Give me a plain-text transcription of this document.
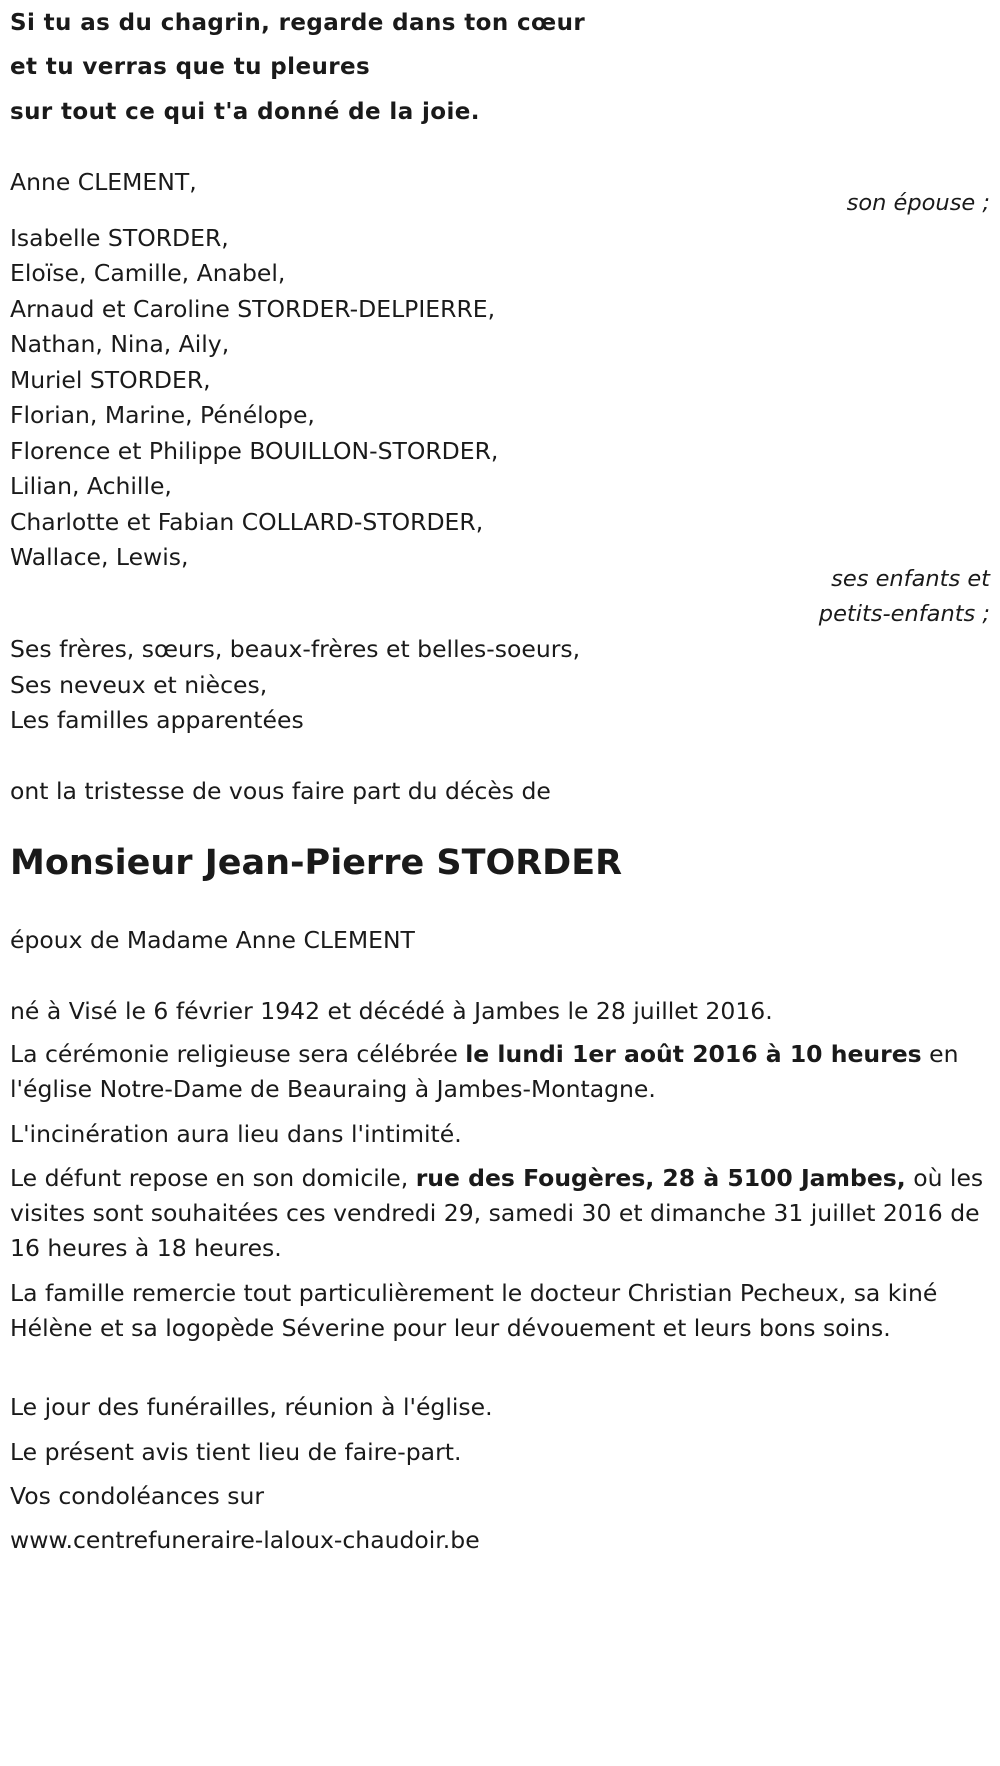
Si tu as du chagrin, regarde dans ton cœur
et tu verras que tu pleures
sur tout ce qui t'a donné de la joie.
Anne CLEMENT,
son épouse ;
Isabelle STORDER,
Eloïse, Camille, Anabel,
Arnaud et Caroline STORDER-DELPIERRE,
Nathan, Nina, Aily,
Muriel STORDER,
Florian, Marine, Pénélope,
Florence et Philippe BOUILLON-STORDER,
Lilian, Achille,
Charlotte et Fabian COLLARD-STORDER,
Wallace, Lewis,
ses enfants et
petits-enfants ;
Ses frères, sœurs, beaux-frères et belles-soeurs,
Ses neveux et nièces,
Les familles apparentées
ont la tristesse de vous faire part du décès de
Monsieur Jean-Pierre STORDER
époux de Madame Anne CLEMENT
né à Visé le 6 février 1942 et décédé à Jambes le 28 juillet 2016.
La cérémonie religieuse sera célébrée le lundi 1er août 2016 à 10 heures en l'église Notre-Dame de Beauraing à Jambes-Montagne.
L'incinération aura lieu dans l'intimité.
Le défunt repose en son domicile, rue des Fougères, 28 à 5100 Jambes, où les visites sont souhaitées ces vendredi 29, samedi 30 et dimanche 31 juillet 2016 de 16 heures à 18 heures.
La famille remercie tout particulièrement le docteur Christian Pecheux, sa kiné Hélène et sa logopède Séverine pour leur dévouement et leurs bons soins.
Le jour des funérailles, réunion à l'église.
Le présent avis tient lieu de faire-part.
Vos condoléances sur
www.centrefuneraire-laloux-chaudoir.be
